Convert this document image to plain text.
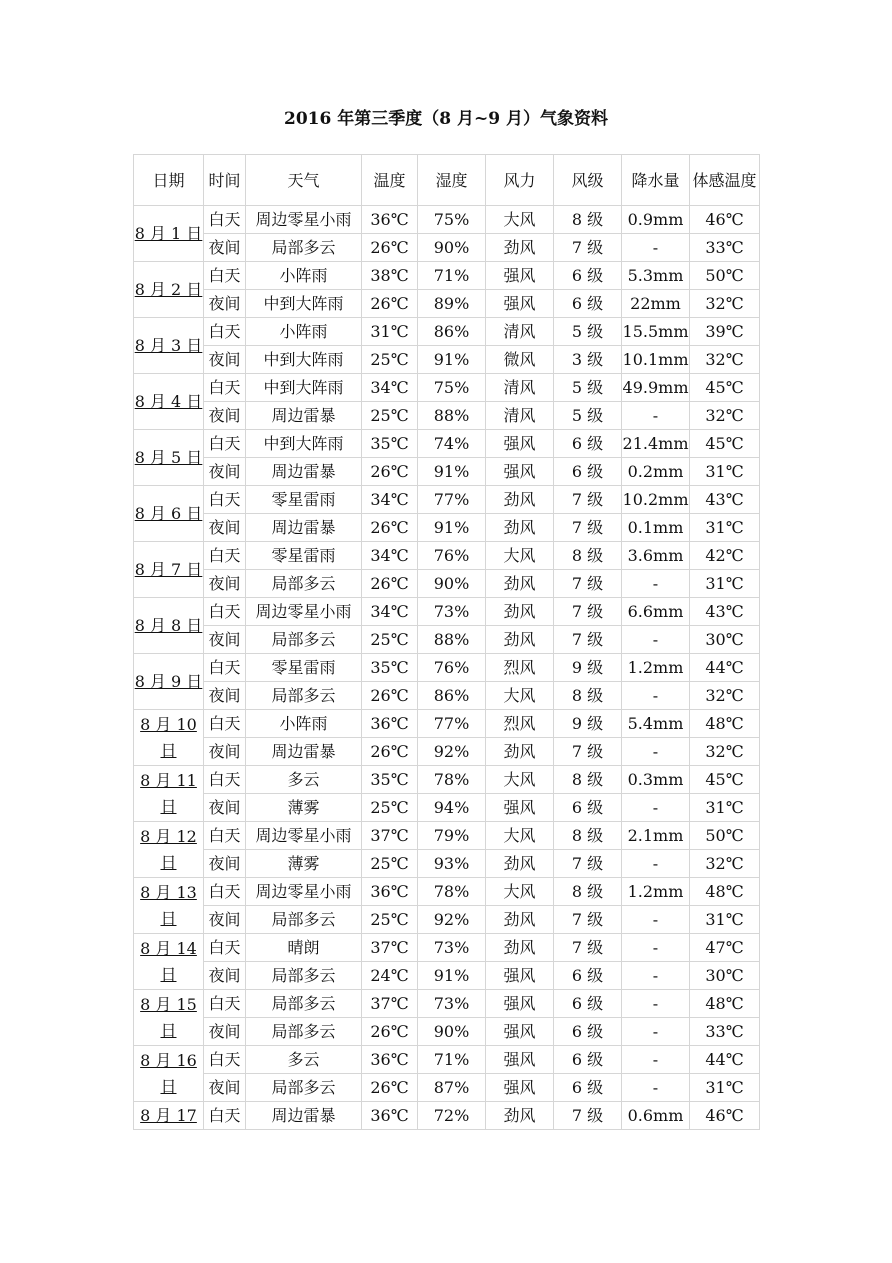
2016 年第三季度（8 月~9 月）气象资料
日期	时间	天气	温度	湿度	风力	风级	降水量	体感温度
8 月 1 日	白天	周边零星小雨	36℃	75%	大风	8 级	0.9mm	46℃
	夜间	局部多云	26℃	90%	劲风	7 级	-	33℃
8 月 2 日	白天	小阵雨	38℃	71%	强风	6 级	5.3mm	50℃
	夜间	中到大阵雨	26℃	89%	强风	6 级	22mm	32℃
8 月 3 日	白天	小阵雨	31℃	86%	清风	5 级	15.5mm	39℃
	夜间	中到大阵雨	25℃	91%	微风	3 级	10.1mm	32℃
8 月 4 日	白天	中到大阵雨	34℃	75%	清风	5 级	49.9mm	45℃
	夜间	周边雷暴	25℃	88%	清风	5 级	-	32℃
8 月 5 日	白天	中到大阵雨	35℃	74%	强风	6 级	21.4mm	45℃
	夜间	周边雷暴	26℃	91%	强风	6 级	0.2mm	31℃
8 月 6 日	白天	零星雷雨	34℃	77%	劲风	7 级	10.2mm	43℃
	夜间	周边雷暴	26℃	91%	劲风	7 级	0.1mm	31℃
8 月 7 日	白天	零星雷雨	34℃	76%	大风	8 级	3.6mm	42℃
	夜间	局部多云	26℃	90%	劲风	7 级	-	31℃
8 月 8 日	白天	周边零星小雨	34℃	73%	劲风	7 级	6.6mm	43℃
	夜间	局部多云	25℃	88%	劲风	7 级	-	30℃
8 月 9 日	白天	零星雷雨	35℃	76%	烈风	9 级	1.2mm	44℃
	夜间	局部多云	26℃	86%	大风	8 级	-	32℃
8 月 10 日	白天	小阵雨	36℃	77%	烈风	9 级	5.4mm	48℃
	夜间	周边雷暴	26℃	92%	劲风	7 级	-	32℃
8 月 11 日	白天	多云	35℃	78%	大风	8 级	0.3mm	45℃
	夜间	薄雾	25℃	94%	强风	6 级	-	31℃
8 月 12 日	白天	周边零星小雨	37℃	79%	大风	8 级	2.1mm	50℃
	夜间	薄雾	25℃	93%	劲风	7 级	-	32℃
8 月 13 日	白天	周边零星小雨	36℃	78%	大风	8 级	1.2mm	48℃
	夜间	局部多云	25℃	92%	劲风	7 级	-	31℃
8 月 14 日	白天	晴朗	37℃	73%	劲风	7 级	-	47℃
	夜间	局部多云	24℃	91%	强风	6 级	-	30℃
8 月 15 日	白天	局部多云	37℃	73%	强风	6 级	-	48℃
	夜间	局部多云	26℃	90%	强风	6 级	-	33℃
8 月 16 日	白天	多云	36℃	71%	强风	6 级	-	44℃
	夜间	局部多云	26℃	87%	强风	6 级	-	31℃
8 月 17	白天	周边雷暴	36℃	72%	劲风	7 级	0.6mm	46℃
